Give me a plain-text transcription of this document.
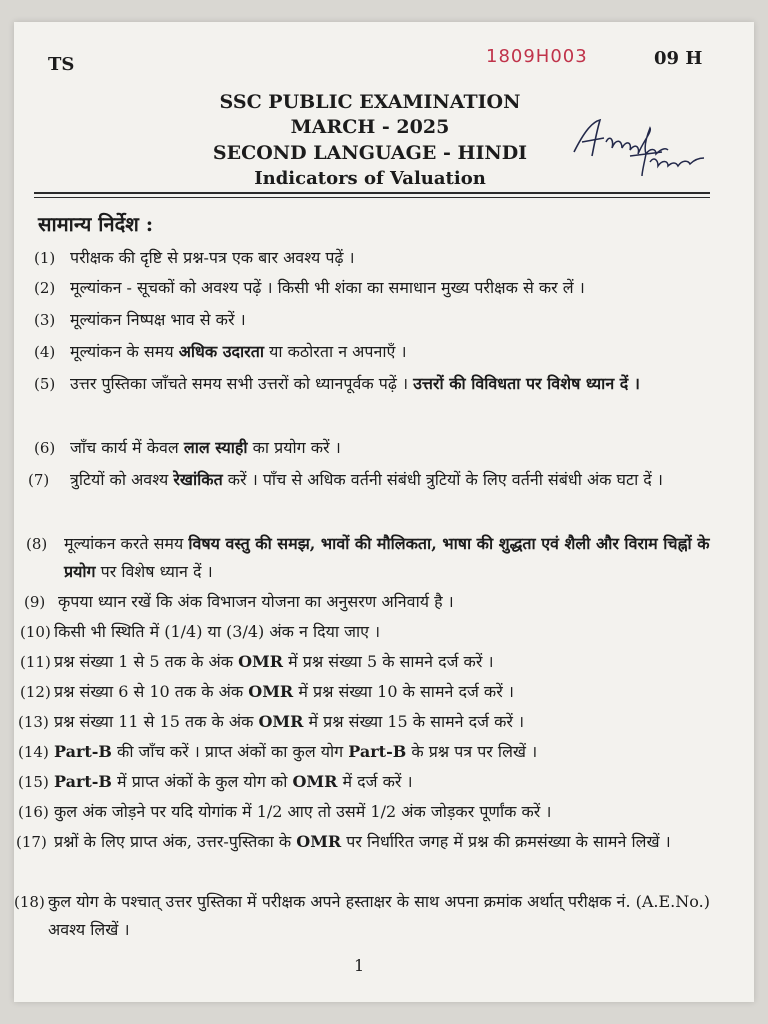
TS	1809H003	09 H
SSC PUBLIC EXAMINATION
MARCH - 2025
SECOND LANGUAGE - HINDI
Indicators of Valuation
सामान्य निर्देश :
(1) परीक्षक की दृष्टि से प्रश्न-पत्र एक बार अवश्य पढ़ें ।
(2) मूल्यांकन - सूचकों को अवश्य पढ़ें । किसी भी शंका का समाधान मुख्य परीक्षक से कर लें ।
(3) मूल्यांकन निष्पक्ष भाव से करें ।
(4) मूल्यांकन के समय अधिक उदारता या कठोरता न अपनाएँ ।
(5) उत्तर पुस्तिका जाँचते समय सभी उत्तरों को ध्यानपूर्वक पढ़ें । उत्तरों की विविधता पर विशेष ध्यान दें ।
(6) जाँच कार्य में केवल लाल स्याही का प्रयोग करें ।
(7) त्रुटियों को अवश्य रेखांकित करें । पाँच से अधिक वर्तनी संबंधी त्रुटियों के लिए वर्तनी संबंधी अंक घटा दें ।
(8) मूल्यांकन करते समय विषय वस्तु की समझ, भावों की मौलिकता, भाषा की शुद्धता एवं शैली और विराम चिह्नों के प्रयोग पर विशेष ध्यान दें ।
(9) कृपया ध्यान रखें कि अंक विभाजन योजना का अनुसरण अनिवार्य है ।
(10) किसी भी स्थिति में (1/4) या (3/4) अंक न दिया जाए ।
(11) प्रश्न संख्या 1 से 5 तक के अंक OMR में प्रश्न संख्या 5 के सामने दर्ज करें ।
(12) प्रश्न संख्या 6 से 10 तक के अंक OMR में प्रश्न संख्या 10 के सामने दर्ज करें ।
(13) प्रश्न संख्या 11 से 15 तक के अंक OMR में प्रश्न संख्या 15 के सामने दर्ज करें ।
(14) Part-B की जाँच करें । प्राप्त अंकों का कुल योग Part-B के प्रश्न पत्र पर लिखें ।
(15) Part-B में प्राप्त अंकों के कुल योग को OMR में दर्ज करें ।
(16) कुल अंक जोड़ने पर यदि योगांक में 1/2 आए तो उसमें 1/2 अंक जोड़कर पूर्णांक करें ।
(17) प्रश्नों के लिए प्राप्त अंक, उत्तर-पुस्तिका के OMR पर निर्धारित जगह में प्रश्न की क्रमसंख्या के सामने लिखें ।
(18) कुल योग के पश्चात् उत्तर पुस्तिका में परीक्षक अपने हस्ताक्षर के साथ अपना क्रमांक अर्थात् परीक्षक नं. (A.E.No.) अवश्य लिखें ।
1
